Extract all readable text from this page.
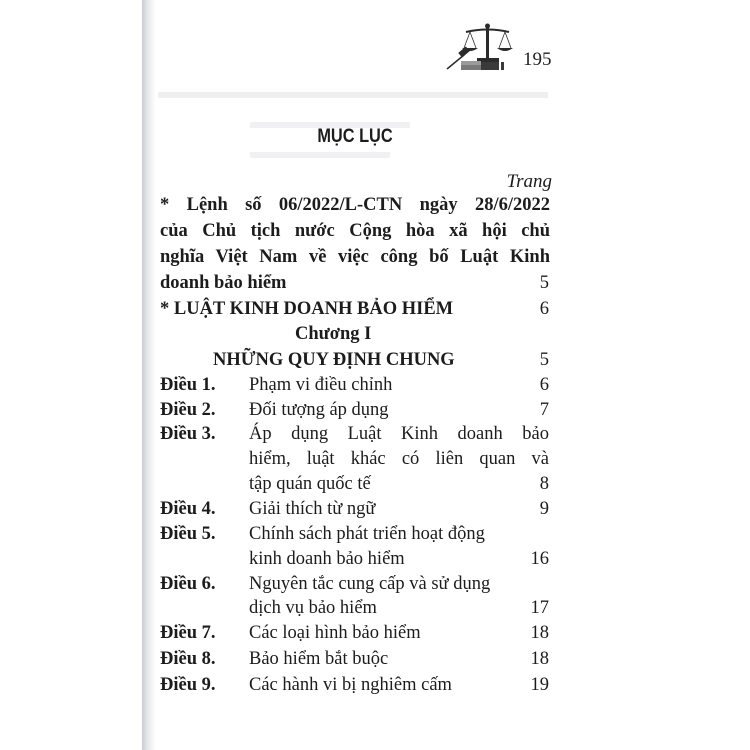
195
MỤC LỤC
Trang
* Lệnh số 06/2022/L-CTN ngày 28/6/2022
của Chủ tịch nước Cộng hòa xã hội chủ
nghĩa Việt Nam về việc công bố Luật Kinh
doanh bảo hiểm	5
* LUẬT KINH DOANH BẢO HIỂM	6
Chương I
NHỮNG QUY ĐỊNH CHUNG	5
Điều 1. Phạm vi điều chỉnh	6
Điều 2. Đối tượng áp dụng	7
Điều 3. Áp dụng Luật Kinh doanh bảo
hiểm, luật khác có liên quan và
tập quán quốc tế	8
Điều 4. Giải thích từ ngữ	9
Điều 5. Chính sách phát triển hoạt động
kinh doanh bảo hiểm	16
Điều 6. Nguyên tắc cung cấp và sử dụng
dịch vụ bảo hiểm	17
Điều 7. Các loại hình bảo hiểm	18
Điều 8. Bảo hiểm bắt buộc	18
Điều 9. Các hành vi bị nghiêm cấm	19
